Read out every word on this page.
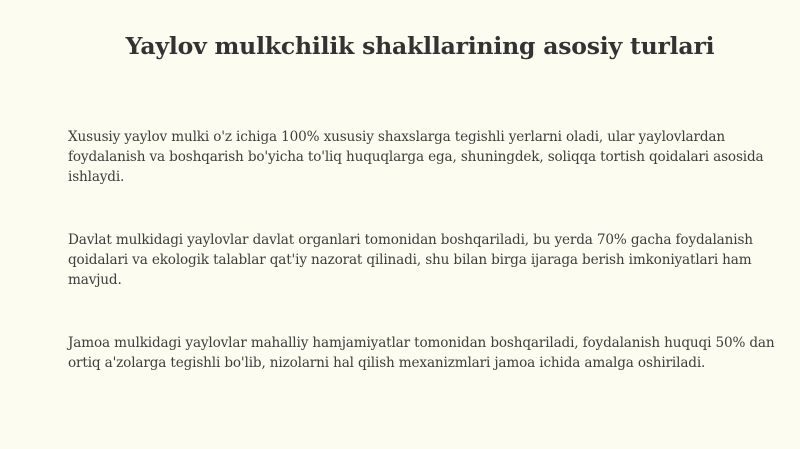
Yaylov mulkchilik shakllarining asosiy turlari

Xususiy yaylov mulki o'z ichiga 100% xususiy shaxslarga tegishli yerlarni oladi, ular yaylovlardan foydalanish va boshqarish bo'yicha to'liq huquqlarga ega, shuningdek, soliqqa tortish qoidalari asosida ishlaydi.

Davlat mulkidagi yaylovlar davlat organlari tomonidan boshqariladi, bu yerda 70% gacha foydalanish qoidalari va ekologik talablar qat'iy nazorat qilinadi, shu bilan birga ijaraga berish imkoniyatlari ham mavjud.

Jamoa mulkidagi yaylovlar mahalliy hamjamiyatlar tomonidan boshqariladi, foydalanish huquqi 50% dan ortiq a'zolarga tegishli bo'lib, nizolarni hal qilish mexanizmlari jamoa ichida amalga oshiriladi.
